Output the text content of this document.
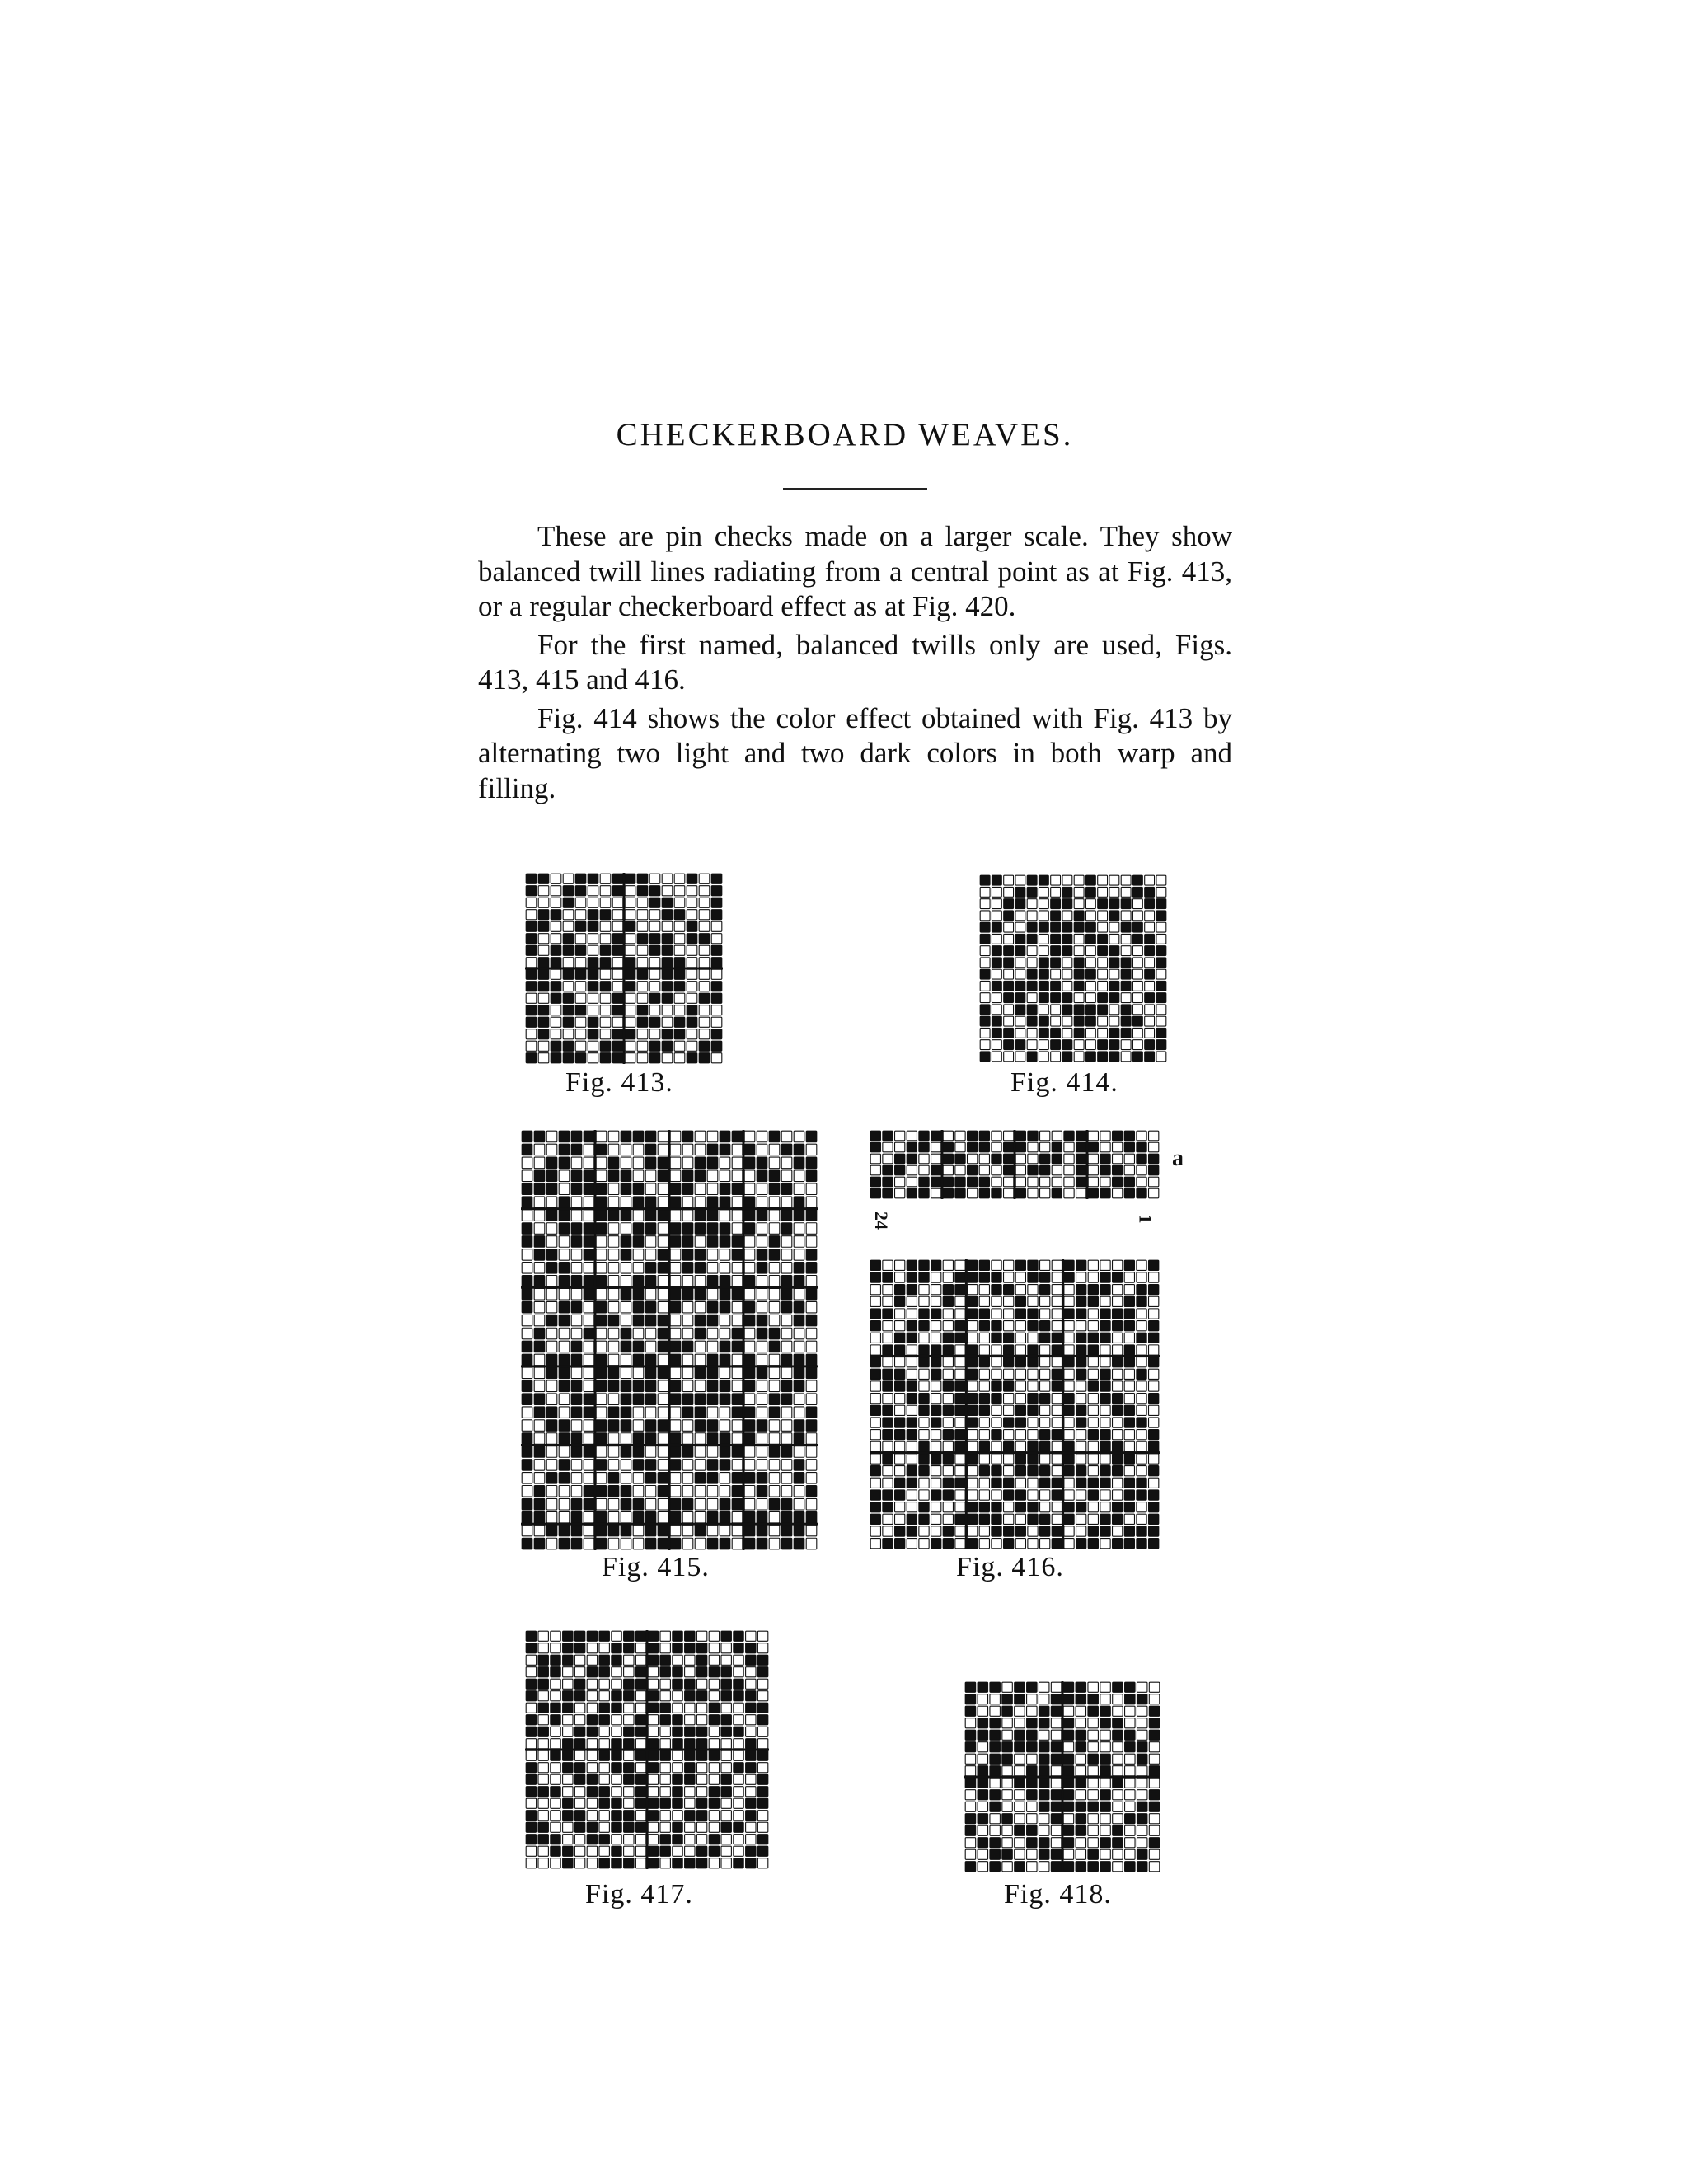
CHECKERBOARD WEAVES.

These are pin checks made on a larger scale. They show balanced twill lines radiating from a central point as at Fig. 413, or a regular checkerboard effect as at Fig. 420.

For the first named, balanced twills only are used, Figs. 413, 415 and 416.

Fig. 414 shows the color effect obtained with Fig. 413 by alternating two light and two dark colors in both warp and filling.

Fig. 413.	Fig. 414.
Fig. 415.
a
24	1
Fig. 416.
Fig. 417.	Fig. 418.
